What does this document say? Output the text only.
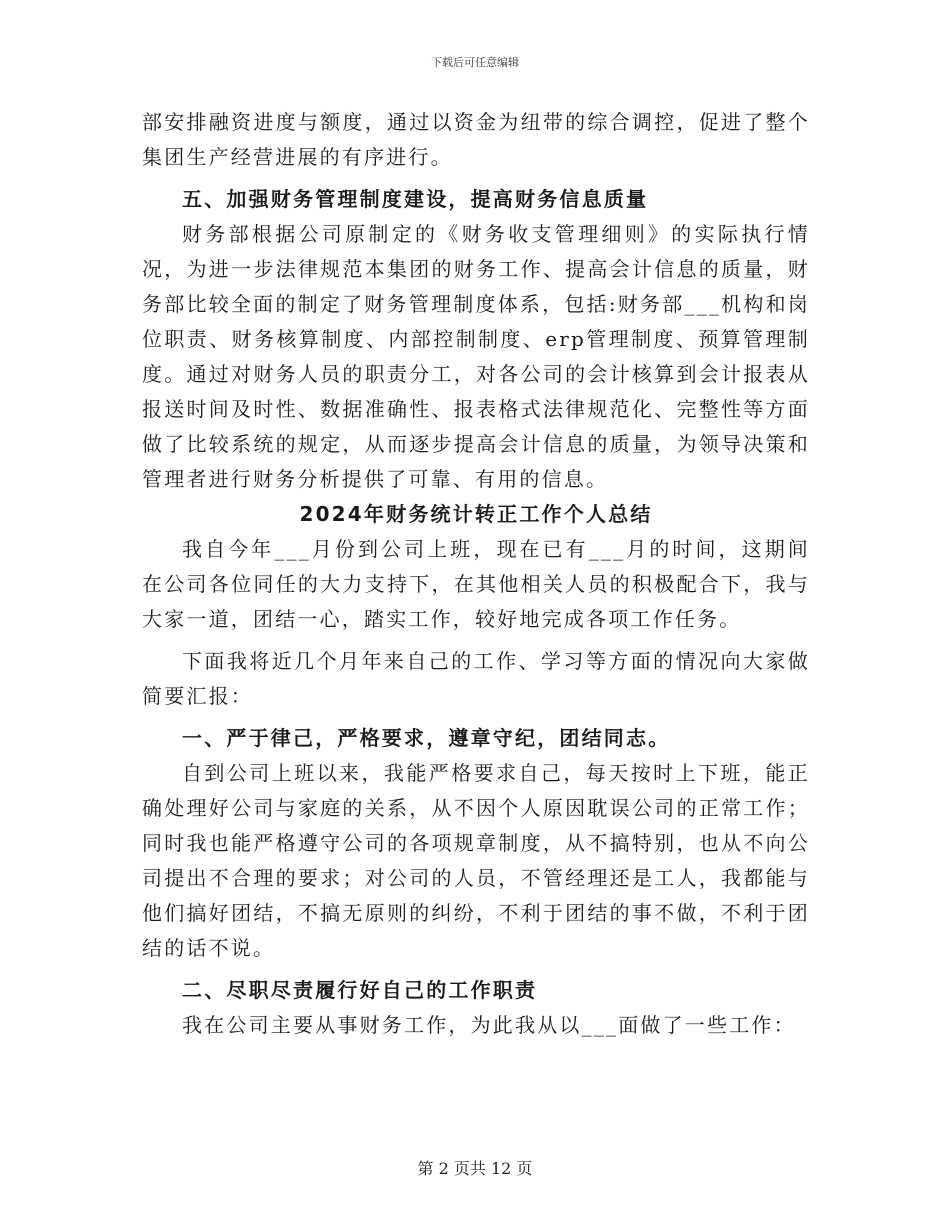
下载后可任意编辑

部安排融资进度与额度，通过以资金为纽带的综合调控，促进了整个集团生产经营进展的有序进行。

五、加强财务管理制度建设，提高财务信息质量

财务部根据公司原制定的《财务收支管理细则》的实际执行情况，为进一步法律规范本集团的财务工作、提高会计信息的质量，财务部比较全面的制定了财务管理制度体系，包括:财务部___机构和岗位职责、财务核算制度、内部控制制度、erp管理制度、预算管理制度。通过对财务人员的职责分工，对各公司的会计核算到会计报表从报送时间及时性、数据准确性、报表格式法律规范化、完整性等方面做了比较系统的规定，从而逐步提高会计信息的质量，为领导决策和管理者进行财务分析提供了可靠、有用的信息。

2024年财务统计转正工作个人总结

我自今年___月份到公司上班，现在已有___月的时间，这期间在公司各位同任的大力支持下，在其他相关人员的积极配合下，我与大家一道，团结一心，踏实工作，较好地完成各项工作任务。

下面我将近几个月年来自己的工作、学习等方面的情况向大家做简要汇报：

一、严于律己，严格要求，遵章守纪，团结同志。

自到公司上班以来，我能严格要求自己，每天按时上下班，能正确处理好公司与家庭的关系，从不因个人原因耽误公司的正常工作；同时我也能严格遵守公司的各项规章制度，从不搞特别，也从不向公司提出不合理的要求；对公司的人员，不管经理还是工人，我都能与他们搞好团结，不搞无原则的纠纷，不利于团结的事不做，不利于团结的话不说。

二、尽职尽责履行好自己的工作职责

我在公司主要从事财务工作，为此我从以___面做了一些工作：

第 2 页共 12 页
